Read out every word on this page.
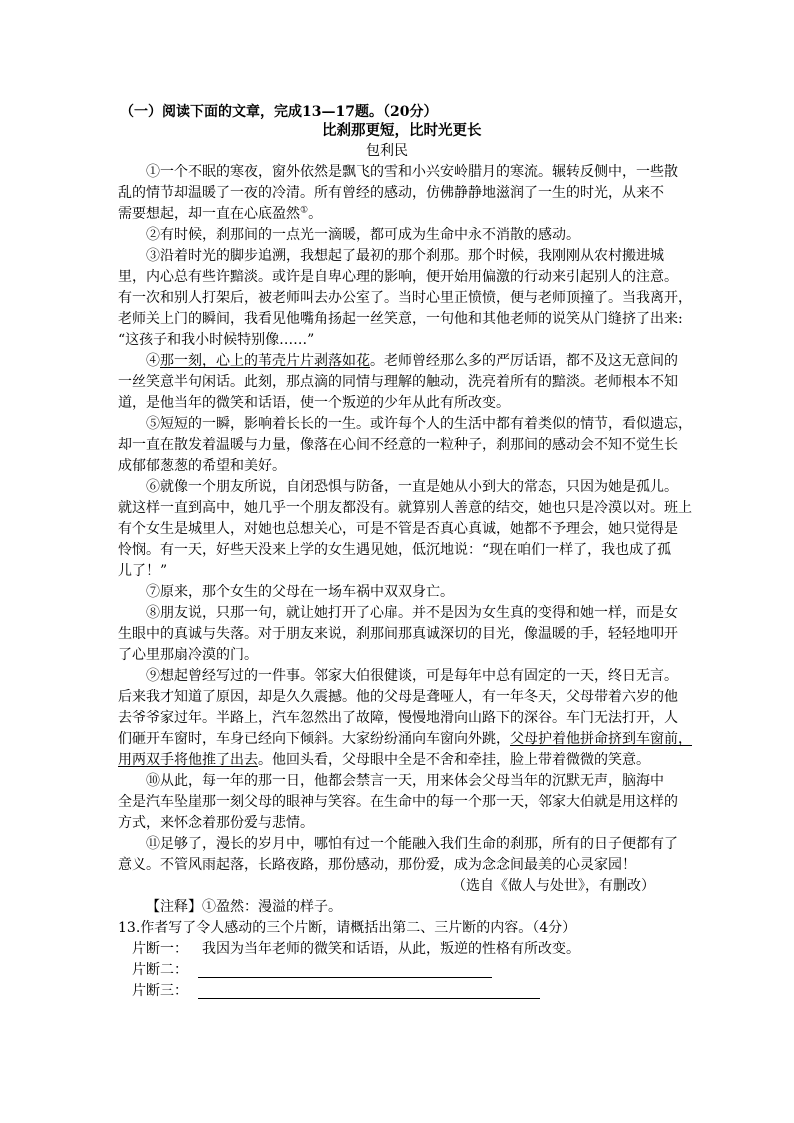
（一）阅读下面的文章，完成13—17题。（20分）
比刹那更短，比时光更长
包利民
①一个不眠的寒夜，窗外依然是飘飞的雪和小兴安岭腊月的寒流。辗转反侧中，一些散
乱的情节却温暖了一夜的冷清。所有曾经的感动，仿佛静静地滋润了一生的时光，从来不
需要想起，却一直在心底盈然①。
②有时候，刹那间的一点光一滴暖，都可成为生命中永不消散的感动。
③沿着时光的脚步追溯，我想起了最初的那个刹那。那个时候，我刚刚从农村搬进城
里，内心总有些许黯淡。或许是自卑心理的影响，便开始用偏激的行动来引起别人的注意。
有一次和别人打架后，被老师叫去办公室了。当时心里正愤愤，便与老师顶撞了。当我离开，
老师关上门的瞬间，我看见他嘴角扬起一丝笑意，一句他和其他老师的说笑从门缝挤了出来:
“这孩子和我小时候特别像……”
④那一刻，心上的苇壳片片剥落如花。老师曾经那么多的严厉话语，都不及这无意间的
一丝笑意半句闲话。此刻，那点滴的同情与理解的触动，洗亮着所有的黯淡。老师根本不知
道，是他当年的微笑和话语，使一个叛逆的少年从此有所改变。
⑤短短的一瞬，影响着长长的一生。或许每个人的生活中都有着类似的情节，看似遗忘，
却一直在散发着温暖与力量，像落在心间不经意的一粒种子，刹那间的感动会不知不觉生长
成郁郁葱葱的希望和美好。
⑥就像一个朋友所说，自闭恐惧与防备，一直是她从小到大的常态，只因为她是孤儿。
就这样一直到高中，她几乎一个朋友都没有。就算别人善意的结交，她也只是冷漠以对。班上
有个女生是城里人，对她也总想关心，可是不管是否真心真诚，她都不予理会，她只觉得是
怜悯。有一天，好些天没来上学的女生遇见她，低沉地说：“现在咱们一样了，我也成了孤
儿了！”
⑦原来，那个女生的父母在一场车祸中双双身亡。
⑧朋友说，只那一句，就让她打开了心扉。并不是因为女生真的变得和她一样，而是女
生眼中的真诚与失落。对于朋友来说，刹那间那真诚深切的目光，像温暖的手，轻轻地叩开
了心里那扇冷漠的门。
⑨想起曾经写过的一件事。邻家大伯很健谈，可是每年中总有固定的一天，终日无言。
后来我才知道了原因，却是久久震撼。他的父母是聋哑人，有一年冬天，父母带着六岁的他
去爷爷家过年。半路上，汽车忽然出了故障，慢慢地滑向山路下的深谷。车门无法打开，人
们砸开车窗时，车身已经向下倾斜。大家纷纷涌向车窗向外跳，父母护着他拼命挤到车窗前，
用两双手将他推了出去。他回头看，父母眼中全是不舍和牵挂，脸上带着微微的笑意。
⑩从此，每一年的那一日，他都会禁言一天，用来体会父母当年的沉默无声，脑海中
全是汽车坠崖那一刻父母的眼神与笑容。在生命中的每一个那一天，邻家大伯就是用这样的
方式，来怀念着那份爱与悲情。
⑪足够了，漫长的岁月中，哪怕有过一个能融入我们生命的刹那，所有的日子便都有了
意义。不管风雨起落，长路夜路，那份感动，那份爱，成为念念间最美的心灵家园！
（选自《做人与处世》，有删改）
【注释】①盈然：漫溢的样子。
13.作者写了令人感动的三个片断，请概括出第二、三片断的内容。（4分）
片断一： 我因为当年老师的微笑和话语，从此，叛逆的性格有所改变。
片断二：
片断三：
